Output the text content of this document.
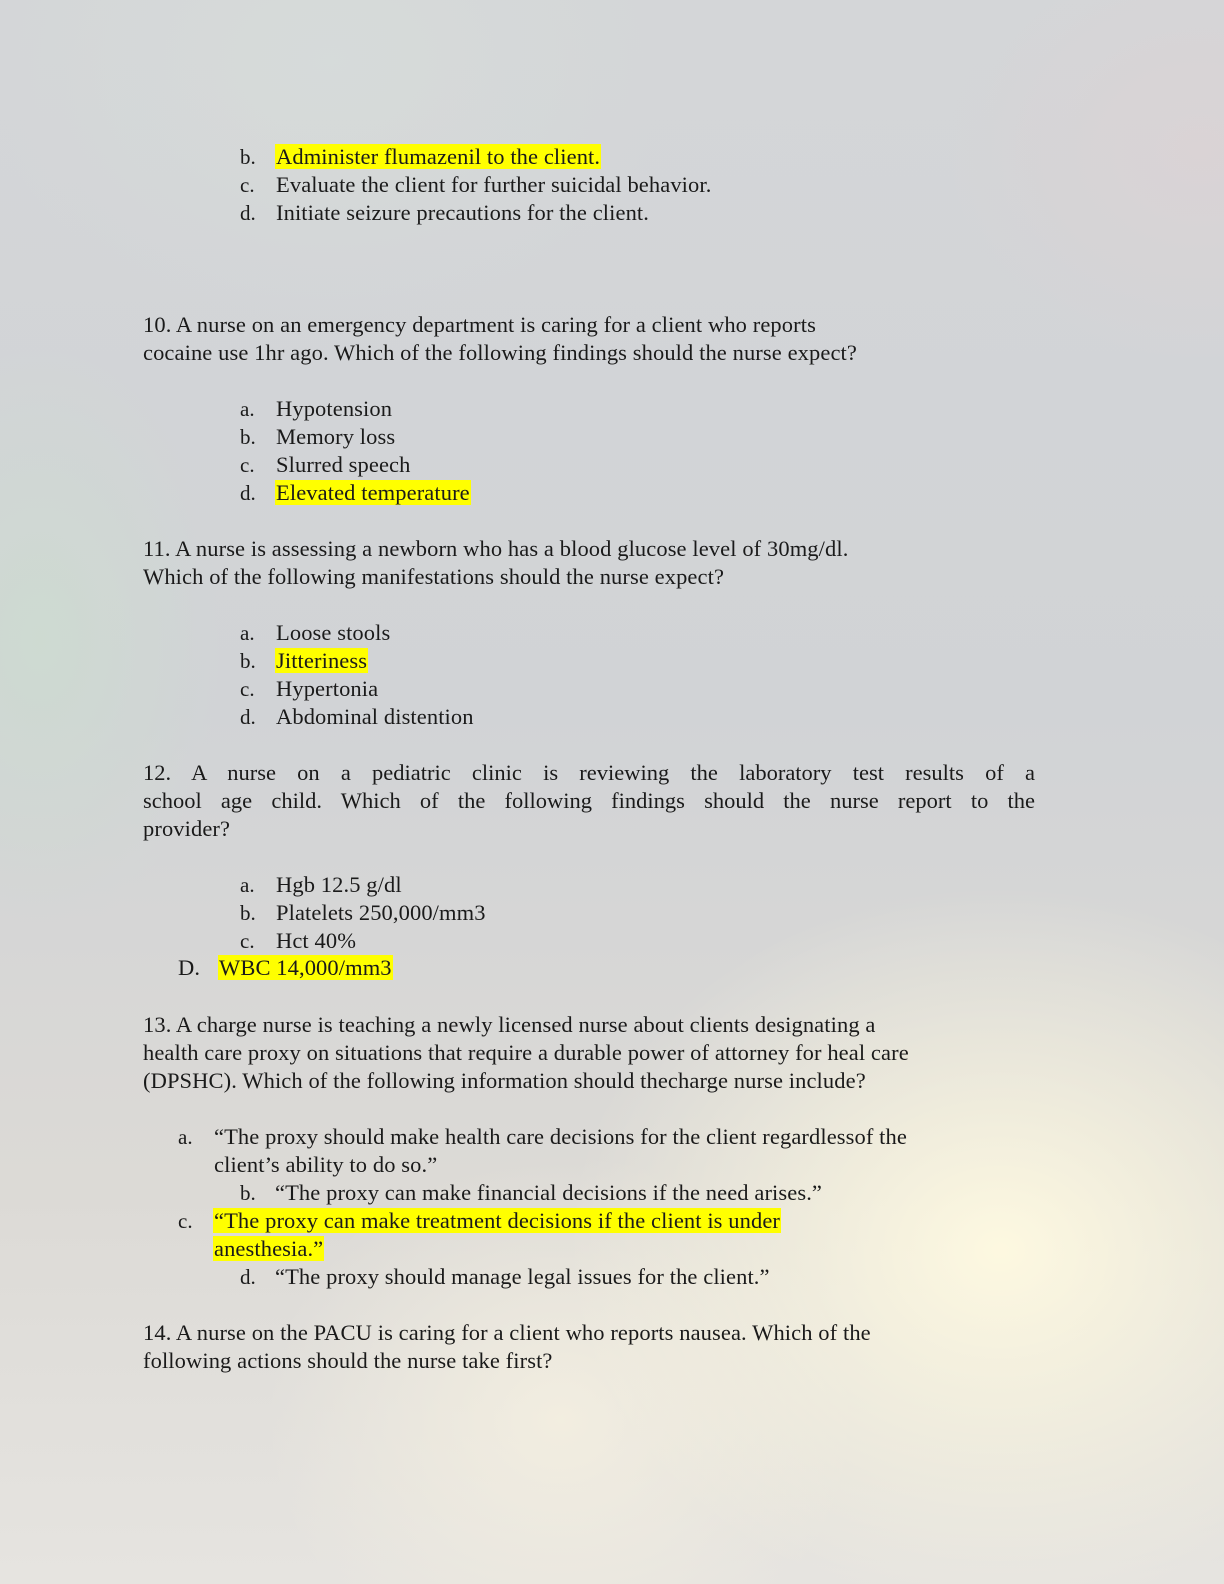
b. Administer flumazenil to the client.
c. Evaluate the client for further suicidal behavior.
d. Initiate seizure precautions for the client.
10. A nurse on an emergency department is caring for a client who reports
cocaine use 1hr ago. Which of the following findings should the nurse expect?
a. Hypotension
b. Memory loss
c. Slurred speech
d. Elevated temperature
11. A nurse is assessing a newborn who has a blood glucose level of 30mg/dl.
Which of the following manifestations should the nurse expect?
a. Loose stools
b. Jitteriness
c. Hypertonia
d. Abdominal distention
12. A nurse on a pediatric clinic is reviewing the laboratory test results of a
school age child. Which of the following findings should the nurse report to the
provider?
a. Hgb 12.5 g/dl
b. Platelets 250,000/mm3
c. Hct 40%
D. WBC 14,000/mm3
13. A charge nurse is teaching a newly licensed nurse about clients designating a
health care proxy on situations that require a durable power of attorney for heal care
(DPSHC). Which of the following information should thecharge nurse include?
a. “The proxy should make health care decisions for the client regardlessof the
client’s ability to do so.”
b. “The proxy can make financial decisions if the need arises.”
c. “The proxy can make treatment decisions if the client is under
anesthesia.”
d. “The proxy should manage legal issues for the client.”
14. A nurse on the PACU is caring for a client who reports nausea. Which of the
following actions should the nurse take first?
